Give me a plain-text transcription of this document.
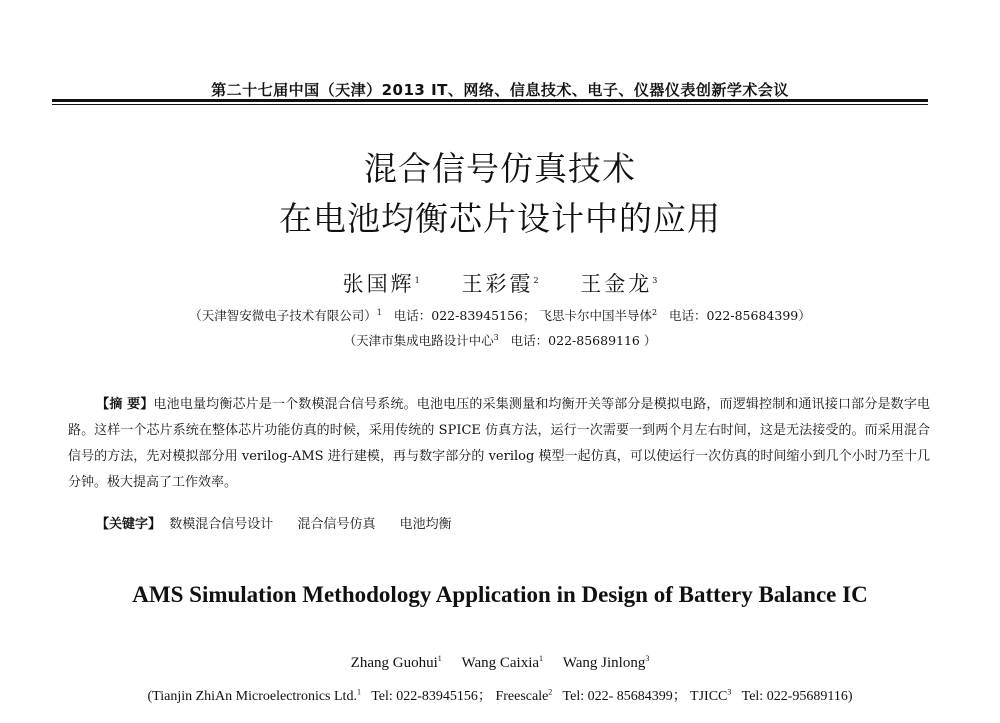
第二十七届中国（天津）2013 IT、网络、信息技术、电子、仪器仪表创新学术会议
混合信号仿真技术
在电池均衡芯片设计中的应用
张国辉$^1$ 王彩霞$^2$ 王金龙$^3$
（天津智安微电子技术有限公司）$^1$ 电话：022-83945156； 飞思卡尔中国半导体$^2$ 电话：022-85684399）
（天津市集成电路设计中心$^3$ 电话：022-85689116 ）
【摘 要】电池电量均衡芯片是一个数模混合信号系统。电池电压的采集测量和均衡开关等部分是模拟电路，而逻辑控制和通讯接口部分是数字电路。这样一个芯片系统在整体芯片功能仿真的时候，采用传统的 SPICE 仿真方法，运行一次需要一到两个月左右时间，这是无法接受的。而采用混合信号的方法，先对模拟部分用 verilog-AMS 进行建模，再与数字部分的 verilog 模型一起仿真，可以使运行一次仿真的时间缩小到几个小时乃至十几分钟。极大提高了工作效率。
【关键字】 数模混合信号设计 混合信号仿真 电池均衡
AMS Simulation Methodology Application in Design of Battery Balance IC
Zhang Guohui$^1$ Wang Caixia$^1$ Wang Jinlong$^3$
(Tianjin ZhiAn Microelectronics Ltd.$^1$ Tel: 022-83945156； Freescale$^2$ Tel: 022- 85684399； TJICC$^3$ Tel: 022-95689116)
